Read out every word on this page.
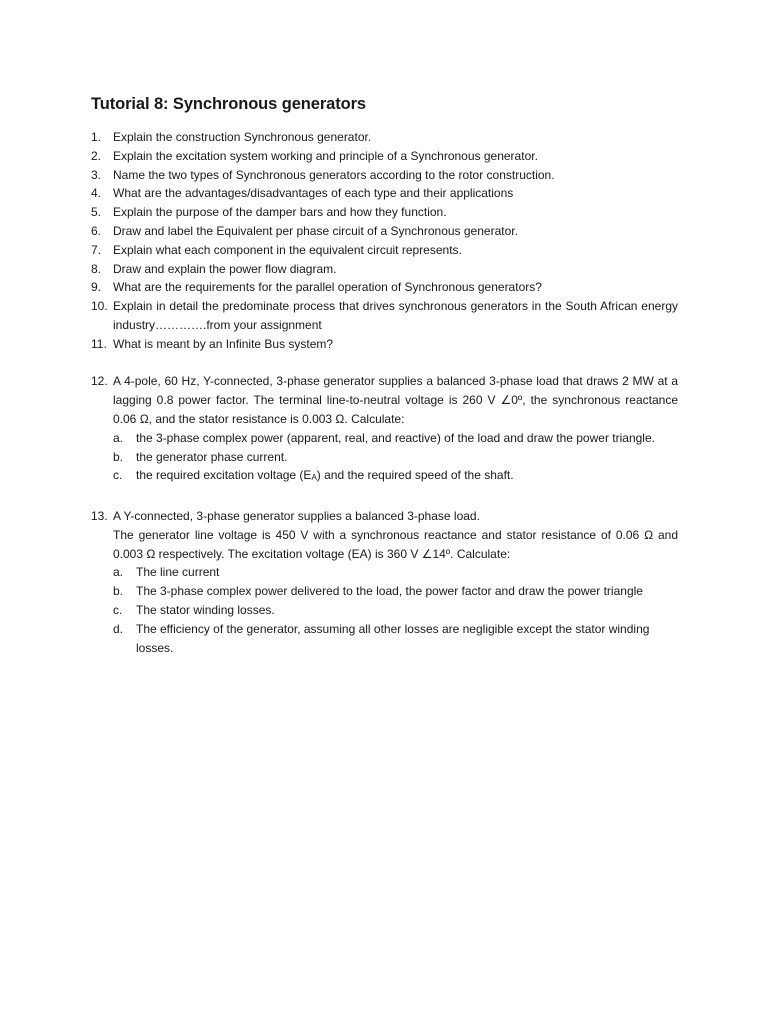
Tutorial 8: Synchronous generators
1. Explain the construction Synchronous generator.
2. Explain the excitation system working and principle of a Synchronous generator.
3. Name the two types of Synchronous generators according to the rotor construction.
4. What are the advantages/disadvantages of each type and their applications
5. Explain the purpose of the damper bars and how they function.
6. Draw and label the Equivalent per phase circuit of a Synchronous generator.
7. Explain what each component in the equivalent circuit represents.
8. Draw and explain the power flow diagram.
9. What are the requirements for the parallel operation of Synchronous generators?
10. Explain in detail the predominate process that drives synchronous generators in the South African energy industry………….from your assignment
11. What is meant by an Infinite Bus system?
12. A 4-pole, 60 Hz, Y-connected, 3-phase generator supplies a balanced 3-phase load that draws 2 MW at a lagging 0.8 power factor. The terminal line-to-neutral voltage is 260 V ∠0º, the synchronous reactance 0.06 Ω, and the stator resistance is 0.003 Ω. Calculate:
a. the 3-phase complex power (apparent, real, and reactive) of the load and draw the power triangle.
b. the generator phase current.
c. the required excitation voltage $(E_A)$ and the required speed of the shaft.
13. A Y-connected, 3-phase generator supplies a balanced 3-phase load.
The generator line voltage is 450 V with a synchronous reactance and stator resistance of 0.06 Ω and 0.003 Ω respectively. The excitation voltage (EA) is 360 V ∠14º. Calculate:
a. The line current
b. The 3-phase complex power delivered to the load, the power factor and draw the power triangle
c. The stator winding losses.
d. The efficiency of the generator, assuming all other losses are negligible except the stator winding losses.
